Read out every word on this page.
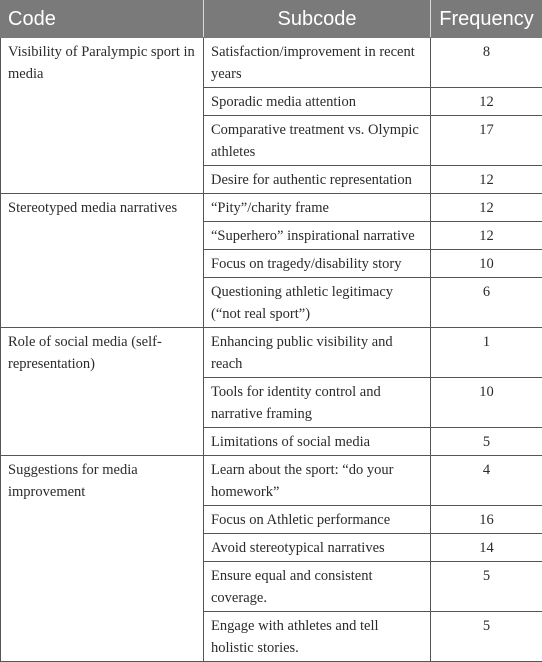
Code	Subcode	Frequency
Visibility of Paralympic sport in media	Satisfaction/improvement in recent years	8
	Sporadic media attention	12
	Comparative treatment vs. Olympic athletes	17
	Desire for authentic representation	12
Stereotyped media narratives	“Pity”/charity frame	12
	“Superhero” inspirational narrative	12
	Focus on tragedy/disability story	10
	Questioning athletic legitimacy (“not real sport”)	6
Role of social media (self-representation)	Enhancing public visibility and reach	1
	Tools for identity control and narrative framing	10
	Limitations of social media	5
Suggestions for media improvement	Learn about the sport: “do your homework”	4
	Focus on Athletic performance	16
	Avoid stereotypical narratives	14
	Ensure equal and consistent coverage.	5
	Engage with athletes and tell holistic stories.	5
